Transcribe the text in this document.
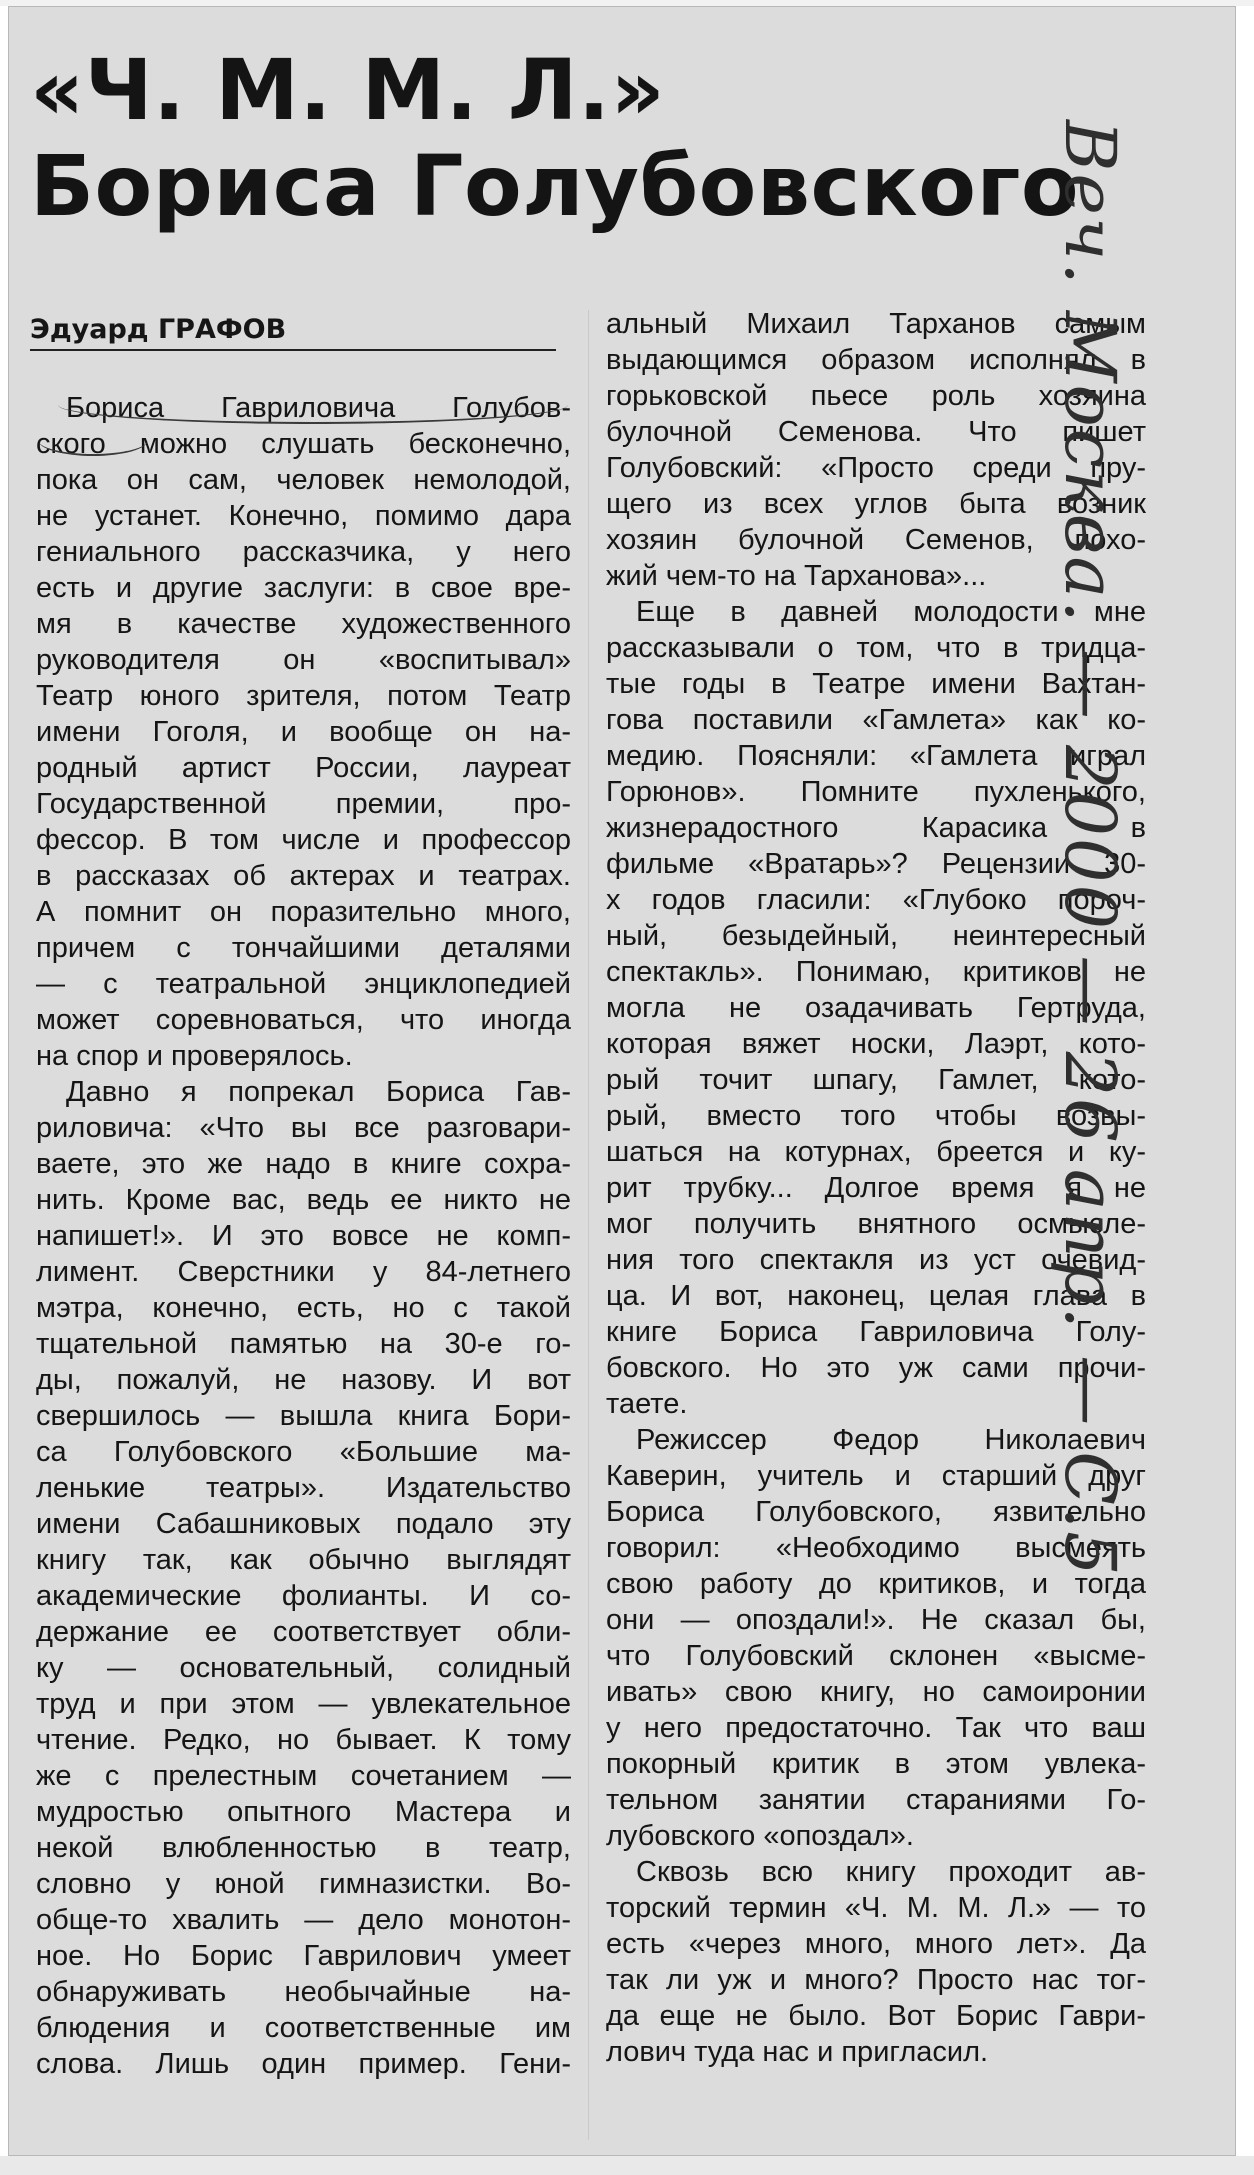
«Ч. М. М. Л.»
Бориса Голубовского
Эдуард ГРАФОВ

Бориса Гавриловича Голубов-
ского можно слушать бесконечно,
пока он сам, человек немолодой,
не устанет. Конечно, помимо дара
гениального рассказчика, у него
есть и другие заслуги: в свое вре-
мя в качестве художественного
руководителя он «воспитывал»
Театр юного зрителя, потом Театр
имени Гоголя, и вообще он на-
родный артист России, лауреат
Государственной премии, про-
фессор. В том числе и профессор
в рассказах об актерах и театрах.
А помнит он поразительно много,
причем с тончайшими деталями
— с театральной энциклопедией
может соревноваться, что иногда
на спор и проверялось.

Давно я попрекал Бориса Гав-
риловича: «Что вы все разговари-
ваете, это же надо в книге сохра-
нить. Кроме вас, ведь ее никто не
напишет!». И это вовсе не комп-
лимент. Сверстники у 84-летнего
мэтра, конечно, есть, но с такой
тщательной памятью на 30-е го-
ды, пожалуй, не назову. И вот
свершилось — вышла книга Бори-
са Голубовского «Большие ма-
ленькие театры». Издательство
имени Сабашниковых подало эту
книгу так, как обычно выглядят
академические фолианты. И со-
держание ее соответствует обли-
ку — основательный, солидный
труд и при этом — увлекательное
чтение. Редко, но бывает. К тому
же с прелестным сочетанием —
мудростью опытного Мастера и
некой влюбленностью в театр,
словно у юной гимназистки. Во-
обще-то хвалить — дело монотон-
ное. Но Борис Гаврилович умеет
обнаруживать необычайные на-
блюдения и соответственные им
слова. Лишь один пример. Гени-

альный Михаил Тарханов самым
выдающимся образом исполнял в
горьковской пьесе роль хозяина
булочной Семенова. Что пишет
Голубовский: «Просто среди пру-
щего из всех углов быта возник
хозяин булочной Семенов, похо-
жий чем-то на Тарханова»...

Еще в давней молодости мне
рассказывали о том, что в тридца-
тые годы в Театре имени Вахтан-
гова поставили «Гамлета» как ко-
медию. Поясняли: «Гамлета играл
Горюнов». Помните пухленького,
жизнерадостного Карасика в
фильме «Вратарь»? Рецензии 30-
х годов гласили: «Глубоко пороч-
ный, безыдейный, неинтересный
спектакль». Понимаю, критиков не
могла не озадачивать Гертруда,
которая вяжет носки, Лаэрт, кото-
рый точит шпагу, Гамлет, кото-
рый, вместо того чтобы возвы-
шаться на котурнах, бреется и ку-
рит трубку... Долгое время я не
мог получить внятного осмысле-
ния того спектакля из уст очевид-
ца. И вот, наконец, целая глава в
книге Бориса Гавриловича Голу-
бовского. Но это уж сами прочи-
таете.

Режиссер Федор Николаевич
Каверин, учитель и старший друг
Бориса Голубовского, язвительно
говорил: «Необходимо высмеять
свою работу до критиков, и тогда
они — опоздали!». Не сказал бы,
что Голубовский склонен «высме-
ивать» свою книгу, но самоиронии
у него предостаточно. Так что ваш
покорный критик в этом увлека-
тельном занятии стараниями Го-
лубовского «опоздал».

Сквозь всю книгу проходит ав-
торский термин «Ч. М. М. Л.» — то
есть «через много, много лет». Да
так ли уж и много? Просто нас тог-
да еще не было. Вот Борис Гаври-
лович туда нас и пригласил.

Веч. Москва. — 2000 — 26 апр. — С.5
